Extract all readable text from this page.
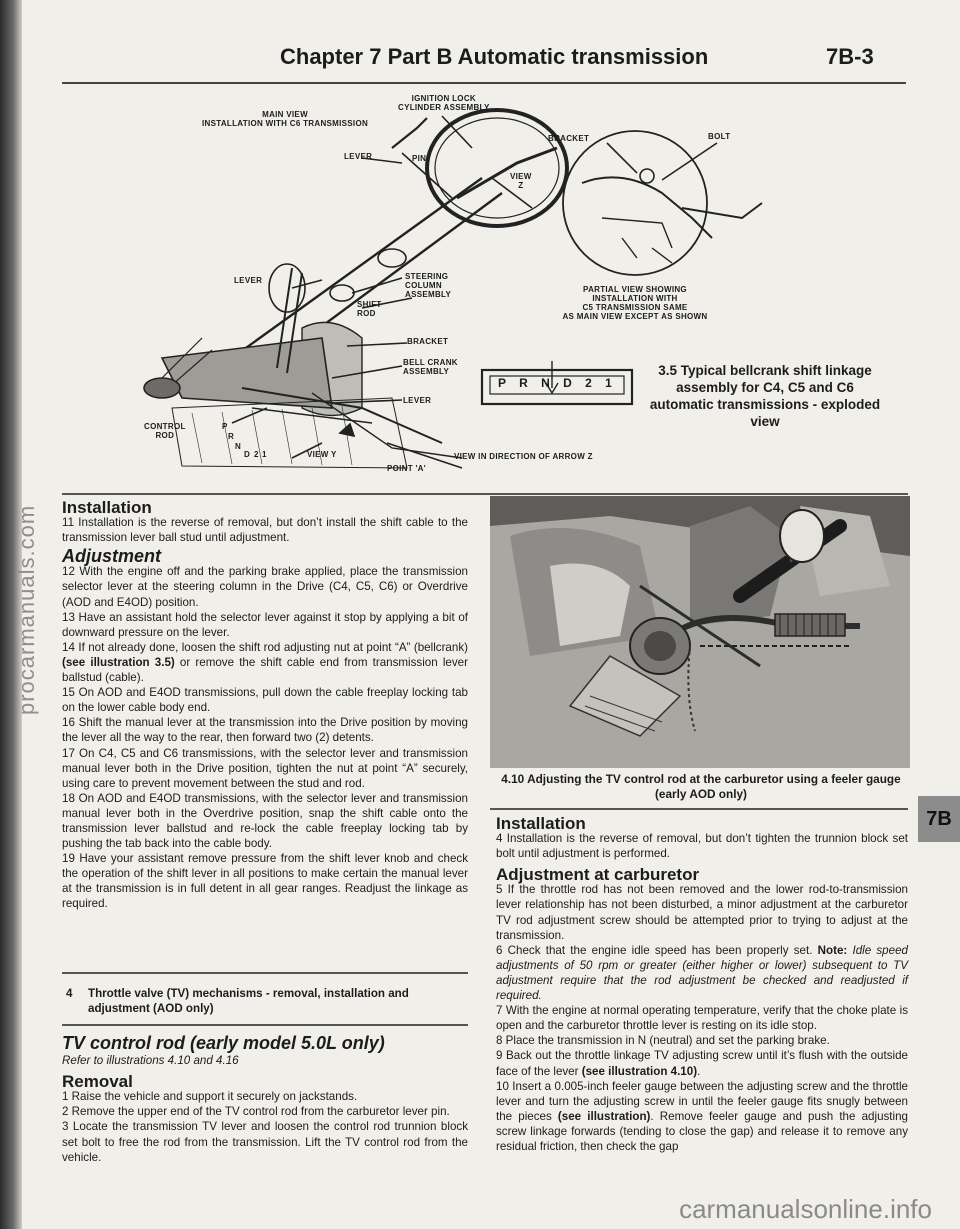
procarmanuals.com
Chapter 7 Part B Automatic transmission	7B-3
MAIN VIEW
INSTALLATION WITH C6 TRANSMISSION
IGNITION LOCK
CYLINDER ASSEMBLY
LEVER	PIN
VIEW
Z
BRACKET	BOLT
LEVER	STEERING
COLUMN
ASSEMBLY
SHIFT
ROD
BRACKET
BELL CRANK
ASSEMBLY
LEVER
CONTROL
ROD
P
R
N
D 2 1	VIEW Y
POINT 'A'
PARTIAL VIEW SHOWING
INSTALLATION WITH
C5 TRANSMISSION SAME
AS MAIN VIEW EXCEPT AS SHOWN
P R N D 2 1
VIEW IN DIRECTION OF ARROW Z
3.5 Typical bellcrank shift linkage assembly for C4, C5 and C6 automatic transmissions - exploded view
Installation

11 Installation is the reverse of removal, but don’t install the shift cable to the transmission lever ball stud until adjustment.

Adjustment

12 With the engine off and the parking brake applied, place the transmission selector lever at the steering column in the Drive (C4, C5, C6) or Overdrive (AOD and E4OD) position.

13 Have an assistant hold the selector lever against it stop by applying a bit of downward pressure on the lever.

14 If not already done, loosen the shift rod adjusting nut at point “A” (bellcrank) (see illustration 3.5) or remove the shift cable end from transmission lever ballstud (cable).

15 On AOD and E4OD transmissions, pull down the cable freeplay locking tab on the lower cable body end.

16 Shift the manual lever at the transmission into the Drive position by moving the lever all the way to the rear, then forward two (2) detents.

17 On C4, C5 and C6 transmissions, with the selector lever and transmission manual lever both in the Drive position, tighten the nut at point “A” securely, using care to prevent movement between the stud and rod.

18 On AOD and E4OD transmissions, with the selector lever and transmission manual lever both in the Overdrive position, snap the shift cable onto the transmission lever ballstud and re-lock the cable freeplay locking tab by pushing the tab back into the cable body.

19 Have your assistant remove pressure from the shift lever knob and check the operation of the shift lever in all positions to make certain the manual lever at the transmission is in full detent in all gear ranges. Readjust the linkage as required.

4 Throttle valve (TV) mechanisms - removal, installation and adjustment (AOD only)
TV control rod (early model 5.0L only)

Refer to illustrations 4.10 and 4.16

Removal

1 Raise the vehicle and support it securely on jackstands.

2 Remove the upper end of the TV control rod from the carburetor lever pin.

3 Locate the transmission TV lever and loosen the control rod trunnion block set bolt to free the rod from the transmission. Lift the TV control rod from the vehicle.

4.10 Adjusting the TV control rod at the carburetor using a feeler gauge (early AOD only)
7B
Installation

4 Installation is the reverse of removal, but don’t tighten the trunnion block set bolt until adjustment is performed.

Adjustment at carburetor

5 If the throttle rod has not been removed and the lower rod-to-transmission lever relationship has not been disturbed, a minor adjustment at the carburetor TV rod adjustment screw should be attempted prior to trying to adjust at the transmission.

6 Check that the engine idle speed has been properly set. Note: Idle speed adjustments of 50 rpm or greater (either higher or lower) subsequent to TV adjustment require that the rod adjustment be checked and readjusted if required.

7 With the engine at normal operating temperature, verify that the choke plate is open and the carburetor throttle lever is resting on its idle stop.

8 Place the transmission in N (neutral) and set the parking brake.

9 Back out the throttle linkage TV adjusting screw until it’s flush with the outside face of the lever (see illustration 4.10).

10 Insert a 0.005-inch feeler gauge between the adjusting screw and the throttle lever and turn the adjusting screw in until the feeler gauge fits snugly between the pieces (see illustration). Remove feeler gauge and push the adjusting screw linkage forwards (tending to close the gap) and release it to remove any residual friction, then check the gap

carmanualsonline.info
